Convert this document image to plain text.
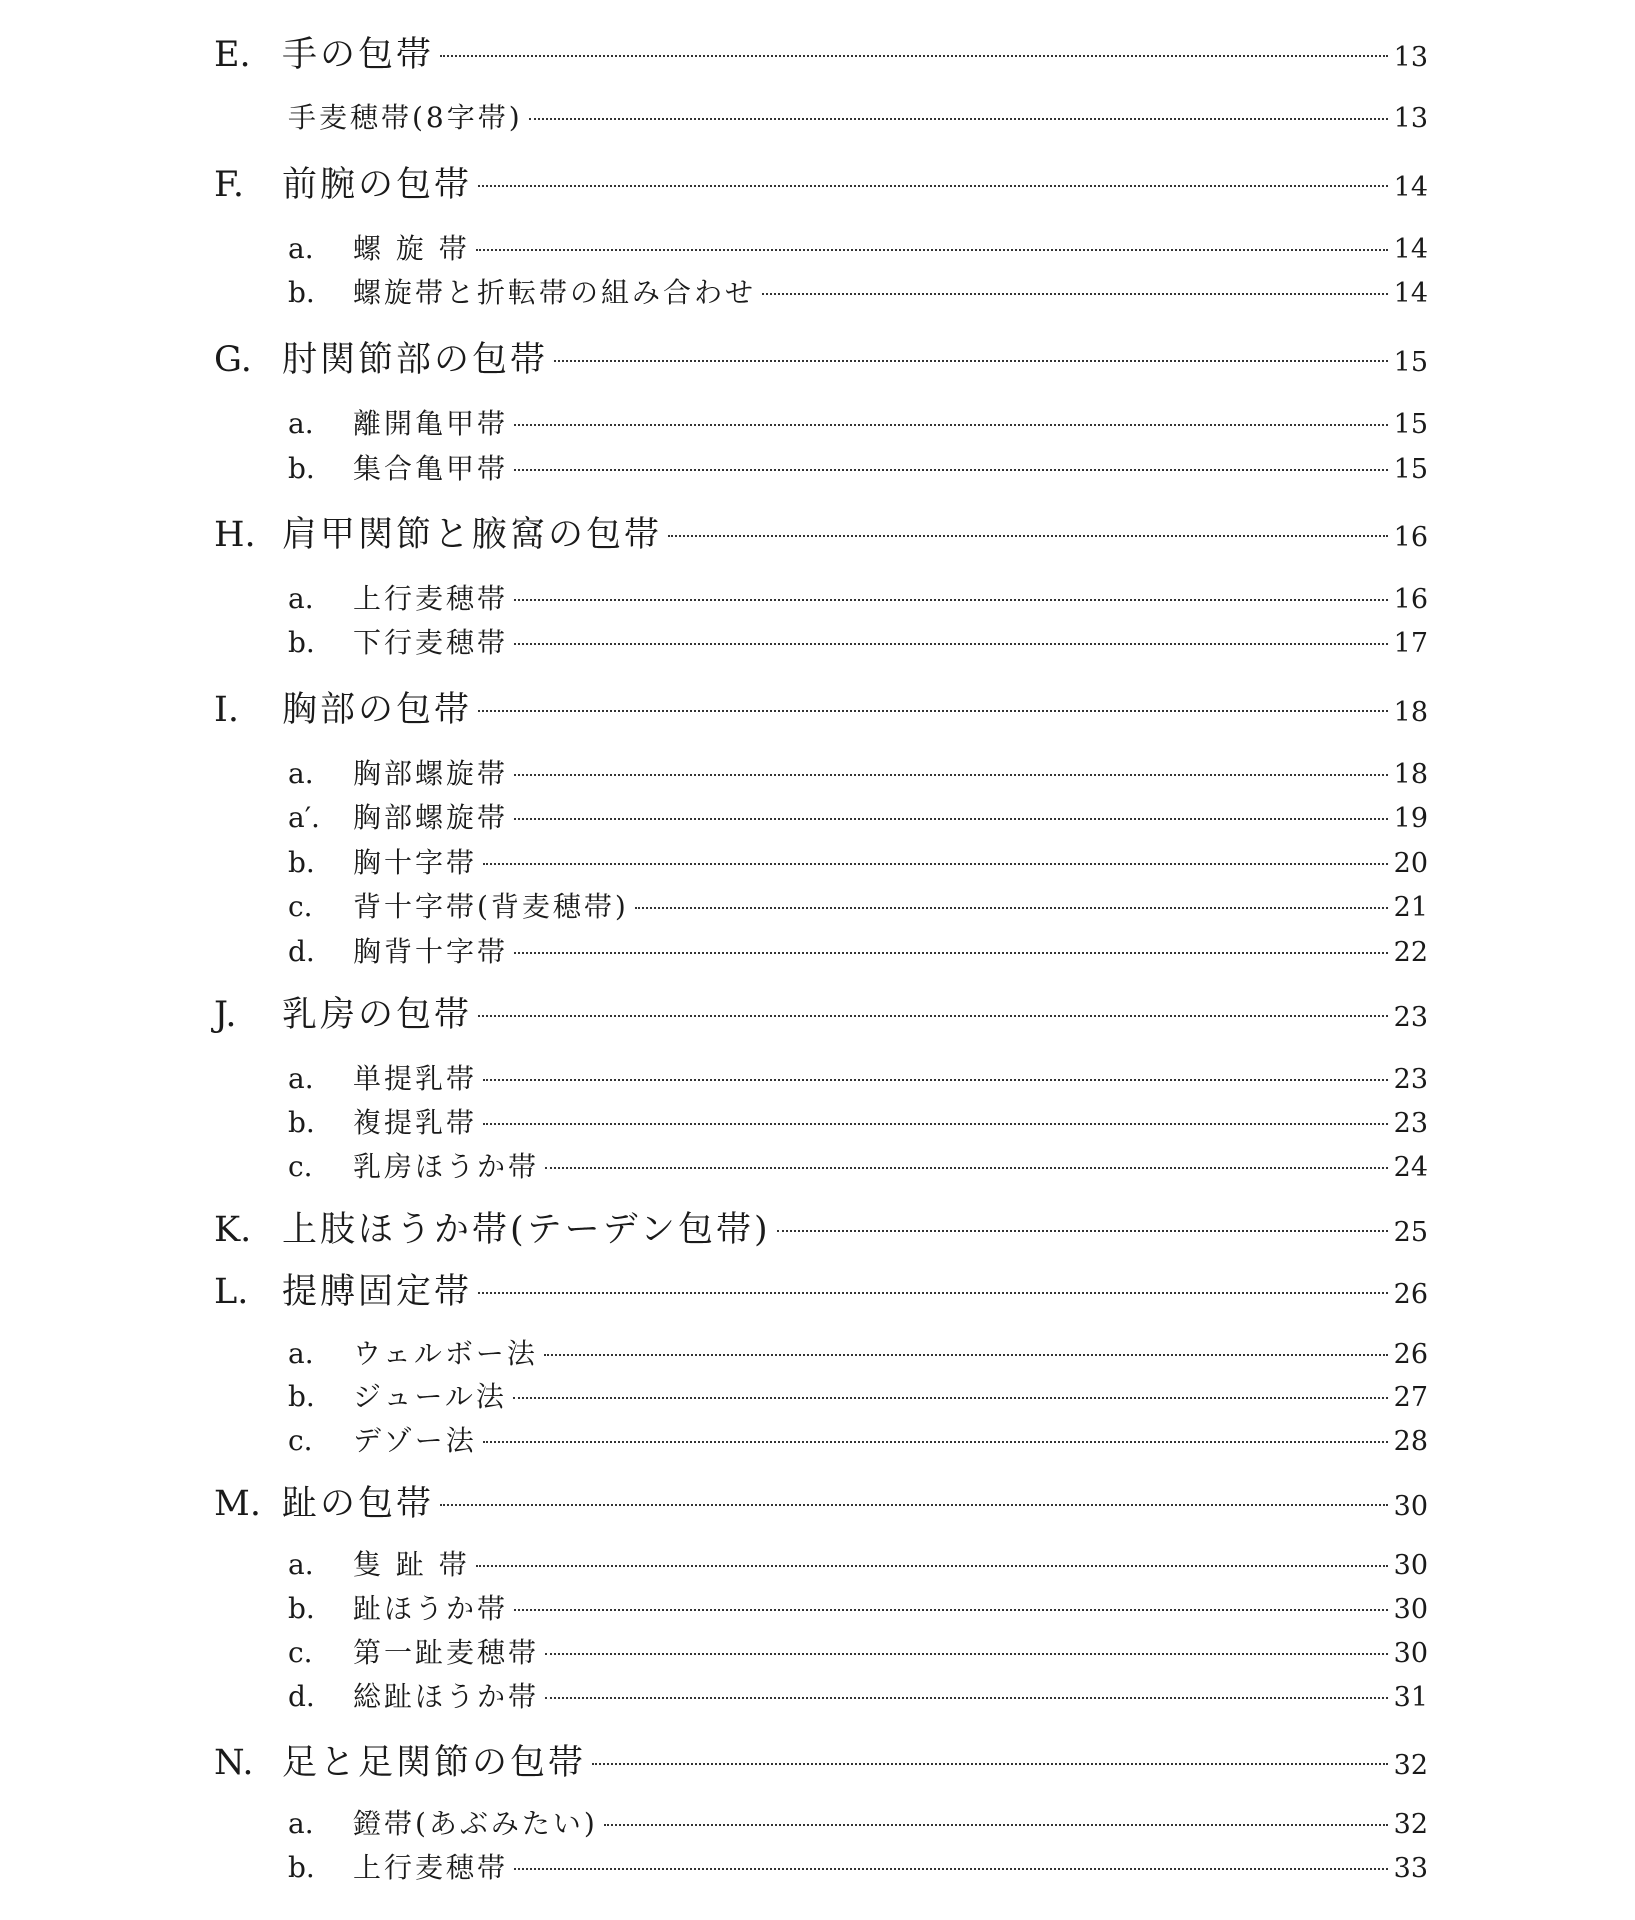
E. 手の包帯	13
手麦穂帯(8字帯)	13
F. 前腕の包帯	14
a. 螺 旋 帯	14
b. 螺旋帯と折転帯の組み合わせ	14
G. 肘関節部の包帯	15
a. 離開亀甲帯	15
b. 集合亀甲帯	15
H. 肩甲関節と腋窩の包帯	16
a. 上行麦穂帯	16
b. 下行麦穂帯	17
I. 胸部の包帯	18
a. 胸部螺旋帯	18
a′. 胸部螺旋帯	19
b. 胸十字帯	20
c. 背十字帯(背麦穂帯)	21
d. 胸背十字帯	22
J. 乳房の包帯	23
a. 単提乳帯	23
b. 複提乳帯	23
c. 乳房ほうか帯	24
K. 上肢ほうか帯(テーデン包帯)	25
L. 提膊固定帯	26
a. ウェルボー法	26
b. ジュール法	27
c. デゾー法	28
M. 趾の包帯	30
a. 隻 趾 帯	30
b. 趾ほうか帯	30
c. 第一趾麦穂帯	30
d. 総趾ほうか帯	31
N. 足と足関節の包帯	32
a. 鐙帯(あぶみたい)	32
b. 上行麦穂帯	33
